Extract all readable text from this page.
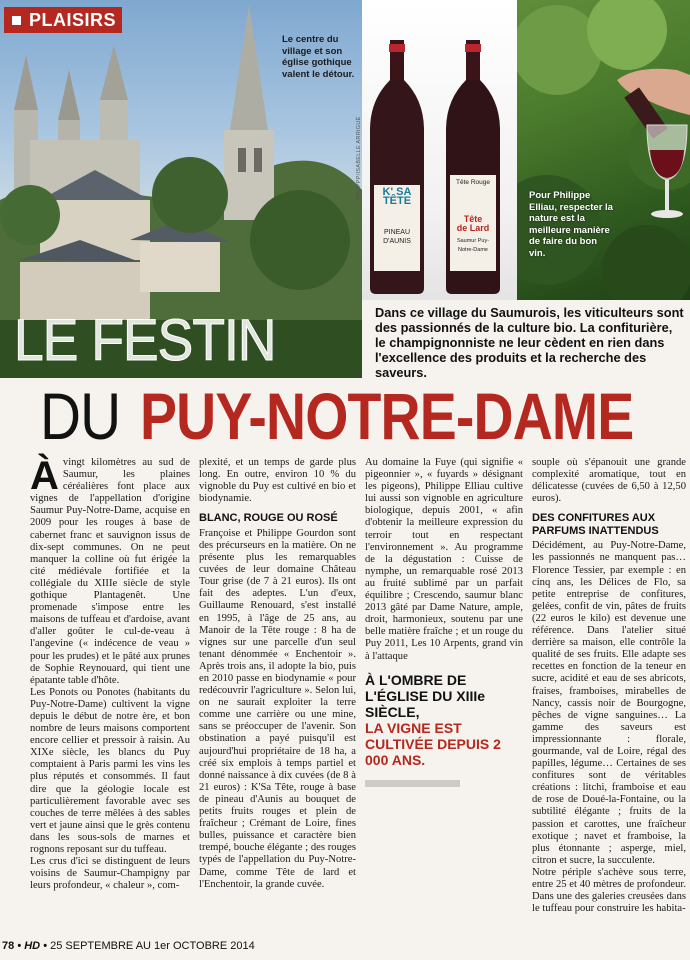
Le centre du village et son église gothique valent le détour.
K' SA
TÊTE
PINEAU
D'AUNIS
Tête Rouge
Tête
de Lard
Saumur Puy-Notre-Dame
Pour Philippe Elliau, respecter la nature est la meilleure manière de faire du bon vin.
MAXPPP/ISABELLE ARRIGUÉ
PLAISIRS
Dans ce village du Saumurois, les viticulteurs sont des passionnés de la culture bio. La confiturière, le champignonniste ne leur cèdent en rien dans l'excellence des produits et la recherche des saveurs.
LE FESTIN
DU PUY-NOTRE-DAME

Àvingt kilomètres au sud de Saumur, les plaines céréalières font place aux vignes de l'appellation d'origine Saumur Puy-Notre-Dame, acquise en 2009 pour les rouges à base de cabernet franc et sauvignon issus de dix-sept communes. On ne peut manquer la colline où fut érigée la cité médiévale fortifiée et la collégiale du XIIIe siècle de style gothique Plantagenêt. Une promenade s'impose entre les maisons de tuffeau et d'ardoise, avant d'aller goûter le cul-de-veau à l'angevine (« indécence de veau » pour les prudes) et le pâté aux prunes de Sophie Reynouard, qui tient une épatante table d'hôte.

Les Ponots ou Ponotes (habitants du Puy-Notre-Dame) cultivent la vigne depuis le début de notre ère, et bon nombre de leurs maisons comportent encore cellier et pressoir à raisin. Au XIXe siècle, les blancs du Puy comptaient à Paris parmi les vins les plus réputés et consommés. Il faut dire que la géologie locale est particulièrement favorable avec ses couches de terre mêlées à des sables vert et jaune ainsi que le grès contenu dans les sous-sols de marnes et rognons reposant sur du tuffeau.

Les crus d'ici se distinguent de leurs voisins de Saumur-Champigny par leurs profondeur, « chaleur », com-

plexité, et un temps de garde plus long. En outre, environ 10 % du vignoble du Puy est cultivé en bio et biodynamie.

BLANC, ROUGE OU ROSÉ

Françoise et Philippe Gourdon sont des précurseurs en la matière. On ne présente plus les remarquables cuvées de leur domaine Château Tour grise (de 7 à 21 euros). Ils ont fait des adeptes. L'un d'eux, Guillaume Renouard, s'est installé en 1995, à l'âge de 25 ans, au Manoir de la Tête rouge : 8 ha de vignes sur une parcelle d'un seul tenant dénommée « Enchentoir ». Après trois ans, il adopte la bio, puis en 2010 passe en biodynamie « pour redécouvrir l'agriculture ». Selon lui, on ne saurait exploiter la terre comme une carrière ou une mine, sans se préoccuper de l'avenir. Son obstination a payé puisqu'il est aujourd'hui propriétaire de 18 ha, a créé six emplois à temps partiel et donné naissance à dix cuvées (de 8 à 21 euros) : K'Sa Tête, rouge à base de pineau d'Aunis au bouquet de petits fruits rouges et plein de fraîcheur ; Crémant de Loire, fines bulles, puissance et caractère bien trempé, bouche élégante ; des rouges typés de l'appellation du Puy-Notre-Dame, comme Tête de lard et l'Enchentoir, la grande cuvée.

Au domaine la Fuye (qui signifie « pigeonnier », « fuyards » désignant les pigeons), Philippe Elliau cultive lui aussi son vignoble en agriculture biologique, depuis 2001, « afin d'obtenir la meilleure expression du terroir tout en respectant l'environnement ». Au programme de la dégustation : Cuisse de nymphe, un remarquable rosé 2013 au fruité sublimé par un parfait équilibre ; Crescendo, saumur blanc 2013 gâté par Dame Nature, ample, droit, harmonieux, soutenu par une belle matière fraîche ; et un rouge du Puy 2011, Les 10 Arpents, grand vin à l'attaque

À L'OMBRE DE L'ÉGLISE DU XIIIe SIÈCLE,
LA VIGNE EST CULTIVÉE DEPUIS 2 000 ANS.

souple où s'épanouit une grande complexité aromatique, tout en délicatesse (cuvées de 6,50 à 12,50 euros).

DES CONFITURES AUX PARFUMS INATTENDUS

Décidément, au Puy-Notre-Dame, les passionnés ne manquent pas… Florence Tessier, par exemple : en cinq ans, les Délices de Flo, sa petite entreprise de confitures, gelées, confit de vin, pâtes de fruits (22 euros le kilo) est devenue une référence. Dans l'atelier situé derrière sa maison, elle contrôle la qualité de ses fruits. Elle adapte ses recettes en fonction de la teneur en sucre, acidité et eau de ses abricots, fraises, framboises, mirabelles de Nancy, cassis noir de Bourgogne, pêches de vigne sanguines… La gamme des saveurs est impressionnante : florale, gourmande, val de Loire, régal des papilles, légume… Certaines de ses confitures sont de véritables créations : litchi, framboise et eau de rose de Doué-la-Fontaine, ou la subtilité élégante ; fruits de la passion et carottes, une fraîcheur exotique ; navet et framboise, la plus étonnante ; asperge, miel, citron et sucre, la succulente.

Notre périple s'achève sous terre, entre 25 et 40 mètres de profondeur. Dans une des galeries creusées dans le tuffeau pour construire les habita-

78 • HD • 25 SEPTEMBRE AU 1er OCTOBRE 2014
